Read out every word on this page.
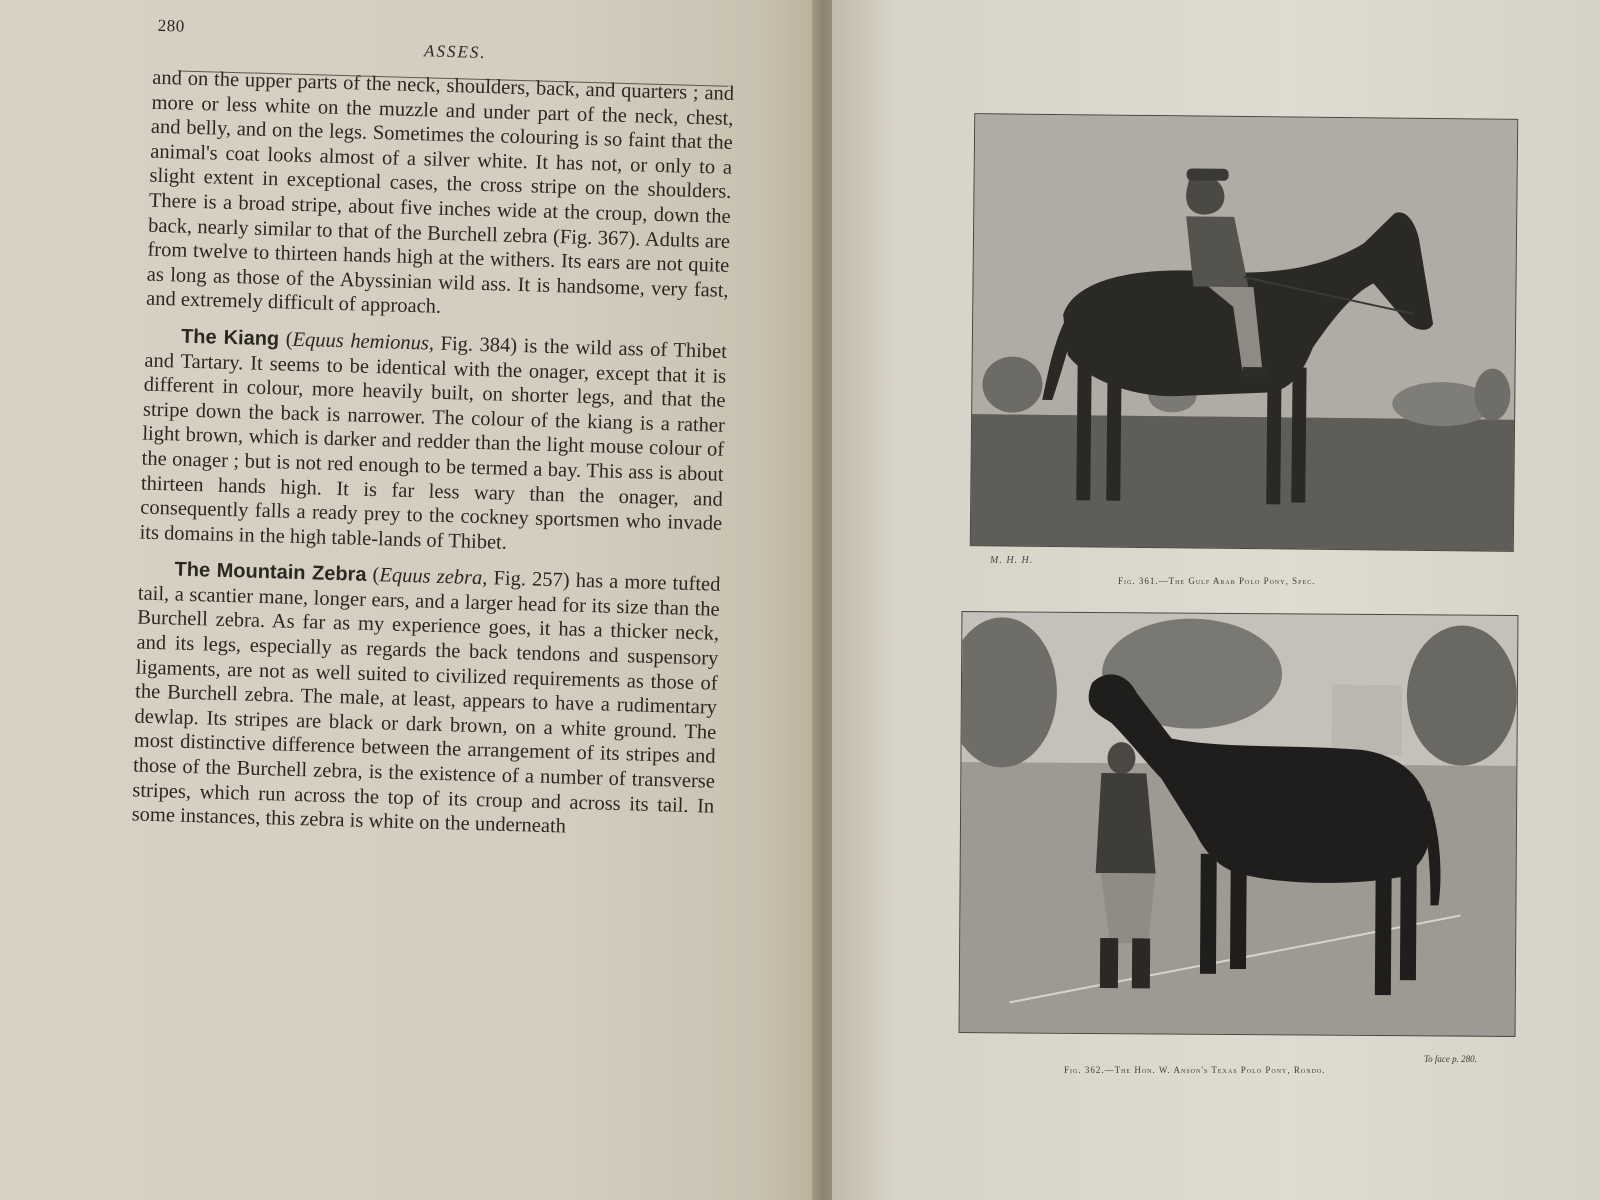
280
ASSES.

and on the upper parts of the neck, shoulders, back, and quarters ; and more or less white on the muzzle and under part of the neck, chest, and belly, and on the legs. Sometimes the colouring is so faint that the animal's coat looks almost of a silver white. It has not, or only to a slight extent in exceptional cases, the cross stripe on the shoulders. There is a broad stripe, about five inches wide at the croup, down the back, nearly similar to that of the Burchell zebra (Fig. 367). Adults are from twelve to thirteen hands high at the withers. Its ears are not quite as long as those of the Abyssinian wild ass. It is handsome, very fast, and extremely difficult of approach.

The Kiang (Equus hemionus, Fig. 384) is the wild ass of Thibet and Tartary. It seems to be identical with the onager, except that it is different in colour, more heavily built, on shorter legs, and that the stripe down the back is narrower. The colour of the kiang is a rather light brown, which is darker and redder than the light mouse colour of the onager ; but is not red enough to be termed a bay. This ass is about thirteen hands high. It is far less wary than the onager, and consequently falls a ready prey to the cockney sportsmen who invade its domains in the high table-lands of Thibet.

The Mountain Zebra (Equus zebra, Fig. 257) has a more tufted tail, a scantier mane, longer ears, and a larger head for its size than the Burchell zebra. As far as my experience goes, it has a thicker neck, and its legs, especially as regards the back tendons and suspensory ligaments, are not as well suited to civilized requirements as those of the Burchell zebra. The male, at least, appears to have a rudimentary dewlap. Its stripes are black or dark brown, on a white ground. The most distinctive difference between the arrangement of its stripes and those of the Burchell zebra, is the existence of a number of transverse stripes, which run across the top of its croup and across its tail. In some instances, this zebra is white on the underneath

M. H. H.
Fig. 361.—The Gulf Arab Polo Pony, Spec.
To face p. 280.
Fig. 362.—The Hon. W. Anson's Texas Polo Pony, Rondo.
